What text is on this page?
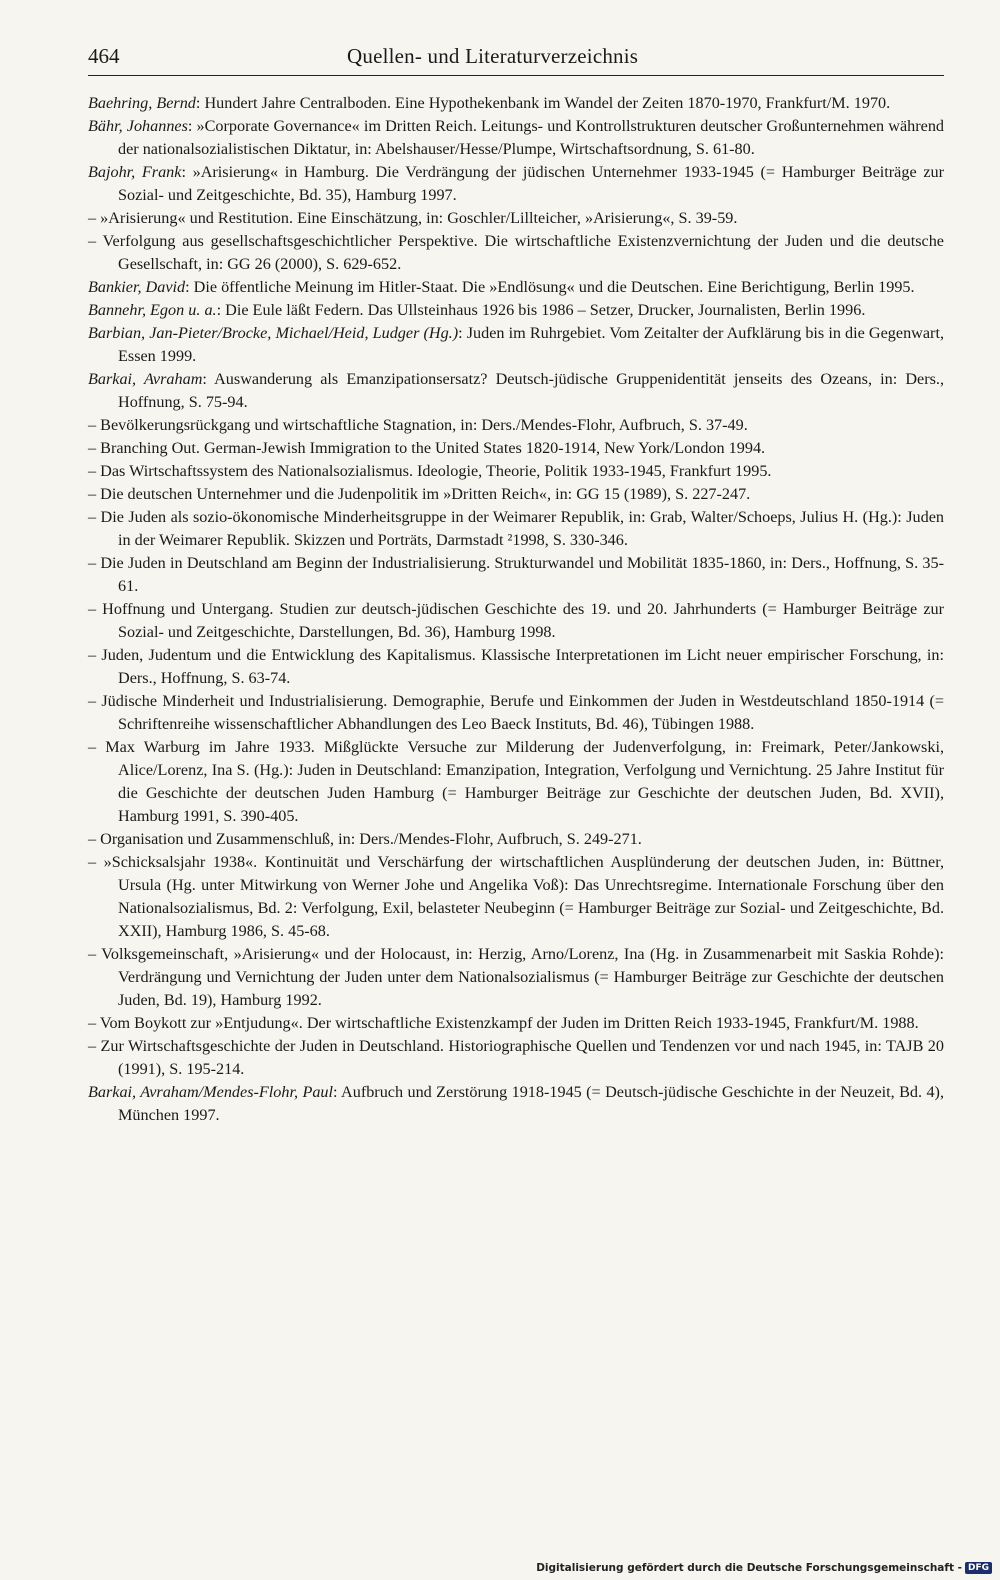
464	Quellen- und Literaturverzeichnis

Baehring, Bernd: Hundert Jahre Centralboden. Eine Hypothekenbank im Wandel der Zeiten 1870-1970, Frankfurt/M. 1970.

Bähr, Johannes: »Corporate Governance« im Dritten Reich. Leitungs- und Kontrollstrukturen deutscher Großunternehmen während der nationalsozialistischen Diktatur, in: Abelshauser/Hesse/Plumpe, Wirtschaftsordnung, S. 61-80.

Bajohr, Frank: »Arisierung« in Hamburg. Die Verdrängung der jüdischen Unternehmer 1933-1945 (= Hamburger Beiträge zur Sozial- und Zeitgeschichte, Bd. 35), Hamburg 1997.

– »Arisierung« und Restitution. Eine Einschätzung, in: Goschler/Lillteicher, »Arisierung«, S. 39-59.

– Verfolgung aus gesellschaftsgeschichtlicher Perspektive. Die wirtschaftliche Existenzvernichtung der Juden und die deutsche Gesellschaft, in: GG 26 (2000), S. 629-652.

Bankier, David: Die öffentliche Meinung im Hitler-Staat. Die »Endlösung« und die Deutschen. Eine Berichtigung, Berlin 1995.

Bannehr, Egon u. a.: Die Eule läßt Federn. Das Ullsteinhaus 1926 bis 1986 – Setzer, Drucker, Journalisten, Berlin 1996.

Barbian, Jan-Pieter/Brocke, Michael/Heid, Ludger (Hg.): Juden im Ruhrgebiet. Vom Zeitalter der Aufklärung bis in die Gegenwart, Essen 1999.

Barkai, Avraham: Auswanderung als Emanzipationsersatz? Deutsch-jüdische Gruppenidentität jenseits des Ozeans, in: Ders., Hoffnung, S. 75-94.

– Bevölkerungsrückgang und wirtschaftliche Stagnation, in: Ders./Mendes-Flohr, Aufbruch, S. 37-49.

– Branching Out. German-Jewish Immigration to the United States 1820-1914, New York/London 1994.

– Das Wirtschaftssystem des Nationalsozialismus. Ideologie, Theorie, Politik 1933-1945, Frankfurt 1995.

– Die deutschen Unternehmer und die Judenpolitik im »Dritten Reich«, in: GG 15 (1989), S. 227-247.

– Die Juden als sozio-ökonomische Minderheitsgruppe in der Weimarer Republik, in: Grab, Walter/Schoeps, Julius H. (Hg.): Juden in der Weimarer Republik. Skizzen und Porträts, Darmstadt ²1998, S. 330-346.

– Die Juden in Deutschland am Beginn der Industrialisierung. Strukturwandel und Mobilität 1835-1860, in: Ders., Hoffnung, S. 35-61.

– Hoffnung und Untergang. Studien zur deutsch-jüdischen Geschichte des 19. und 20. Jahrhunderts (= Hamburger Beiträge zur Sozial- und Zeitgeschichte, Darstellungen, Bd. 36), Hamburg 1998.

– Juden, Judentum und die Entwicklung des Kapitalismus. Klassische Interpretationen im Licht neuer empirischer Forschung, in: Ders., Hoffnung, S. 63-74.

– Jüdische Minderheit und Industrialisierung. Demographie, Berufe und Einkommen der Juden in Westdeutschland 1850-1914 (= Schriftenreihe wissenschaftlicher Abhandlungen des Leo Baeck Instituts, Bd. 46), Tübingen 1988.

– Max Warburg im Jahre 1933. Mißglückte Versuche zur Milderung der Judenverfolgung, in: Freimark, Peter/Jankowski, Alice/Lorenz, Ina S. (Hg.): Juden in Deutschland: Emanzipation, Integration, Verfolgung und Vernichtung. 25 Jahre Institut für die Geschichte der deutschen Juden Hamburg (= Hamburger Beiträge zur Geschichte der deutschen Juden, Bd. XVII), Hamburg 1991, S. 390-405.

– Organisation und Zusammenschluß, in: Ders./Mendes-Flohr, Aufbruch, S. 249-271.

– »Schicksalsjahr 1938«. Kontinuität und Verschärfung der wirtschaftlichen Ausplünderung der deutschen Juden, in: Büttner, Ursula (Hg. unter Mitwirkung von Werner Johe und Angelika Voß): Das Unrechtsregime. Internationale Forschung über den Nationalsozialismus, Bd. 2: Verfolgung, Exil, belasteter Neubeginn (= Hamburger Beiträge zur Sozial- und Zeitgeschichte, Bd. XXII), Hamburg 1986, S. 45-68.

– Volksgemeinschaft, »Arisierung« und der Holocaust, in: Herzig, Arno/Lorenz, Ina (Hg. in Zusammenarbeit mit Saskia Rohde): Verdrängung und Vernichtung der Juden unter dem Nationalsozialismus (= Hamburger Beiträge zur Geschichte der deutschen Juden, Bd. 19), Hamburg 1992.

– Vom Boykott zur »Entjudung«. Der wirtschaftliche Existenzkampf der Juden im Dritten Reich 1933-1945, Frankfurt/M. 1988.

– Zur Wirtschaftsgeschichte der Juden in Deutschland. Historiographische Quellen und Tendenzen vor und nach 1945, in: TAJB 20 (1991), S. 195-214.

Barkai, Avraham/Mendes-Flohr, Paul: Aufbruch und Zerstörung 1918-1945 (= Deutsch-jüdische Geschichte in der Neuzeit, Bd. 4), München 1997.

Digitalisierung gefördert durch die Deutsche Forschungsgemeinschaft - DFG
